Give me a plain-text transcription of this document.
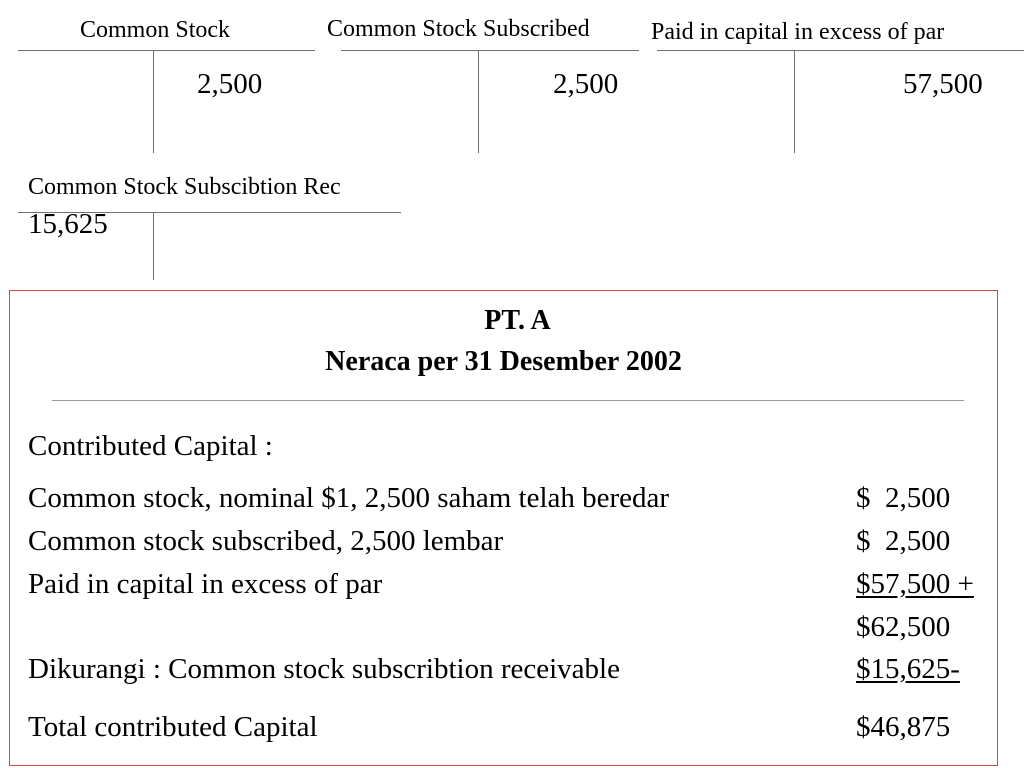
Common Stock
2,500
Common Stock Subscribed
2,500
Paid in capital in excess of par
57,500
Common Stock Subscibtion Rec
15,625
PT. A
Neraca per 31 Desember 2002
Contributed Capital :
Common stock, nominal $1, 2,500 saham telah beredar	$  2,500
Common stock subscribed, 2,500 lembar	$  2,500
Paid in capital in excess of par	$57,500 +
$62,500
Dikurangi : Common stock subscribtion receivable	$15,625-
Total contributed Capital	$46,875
